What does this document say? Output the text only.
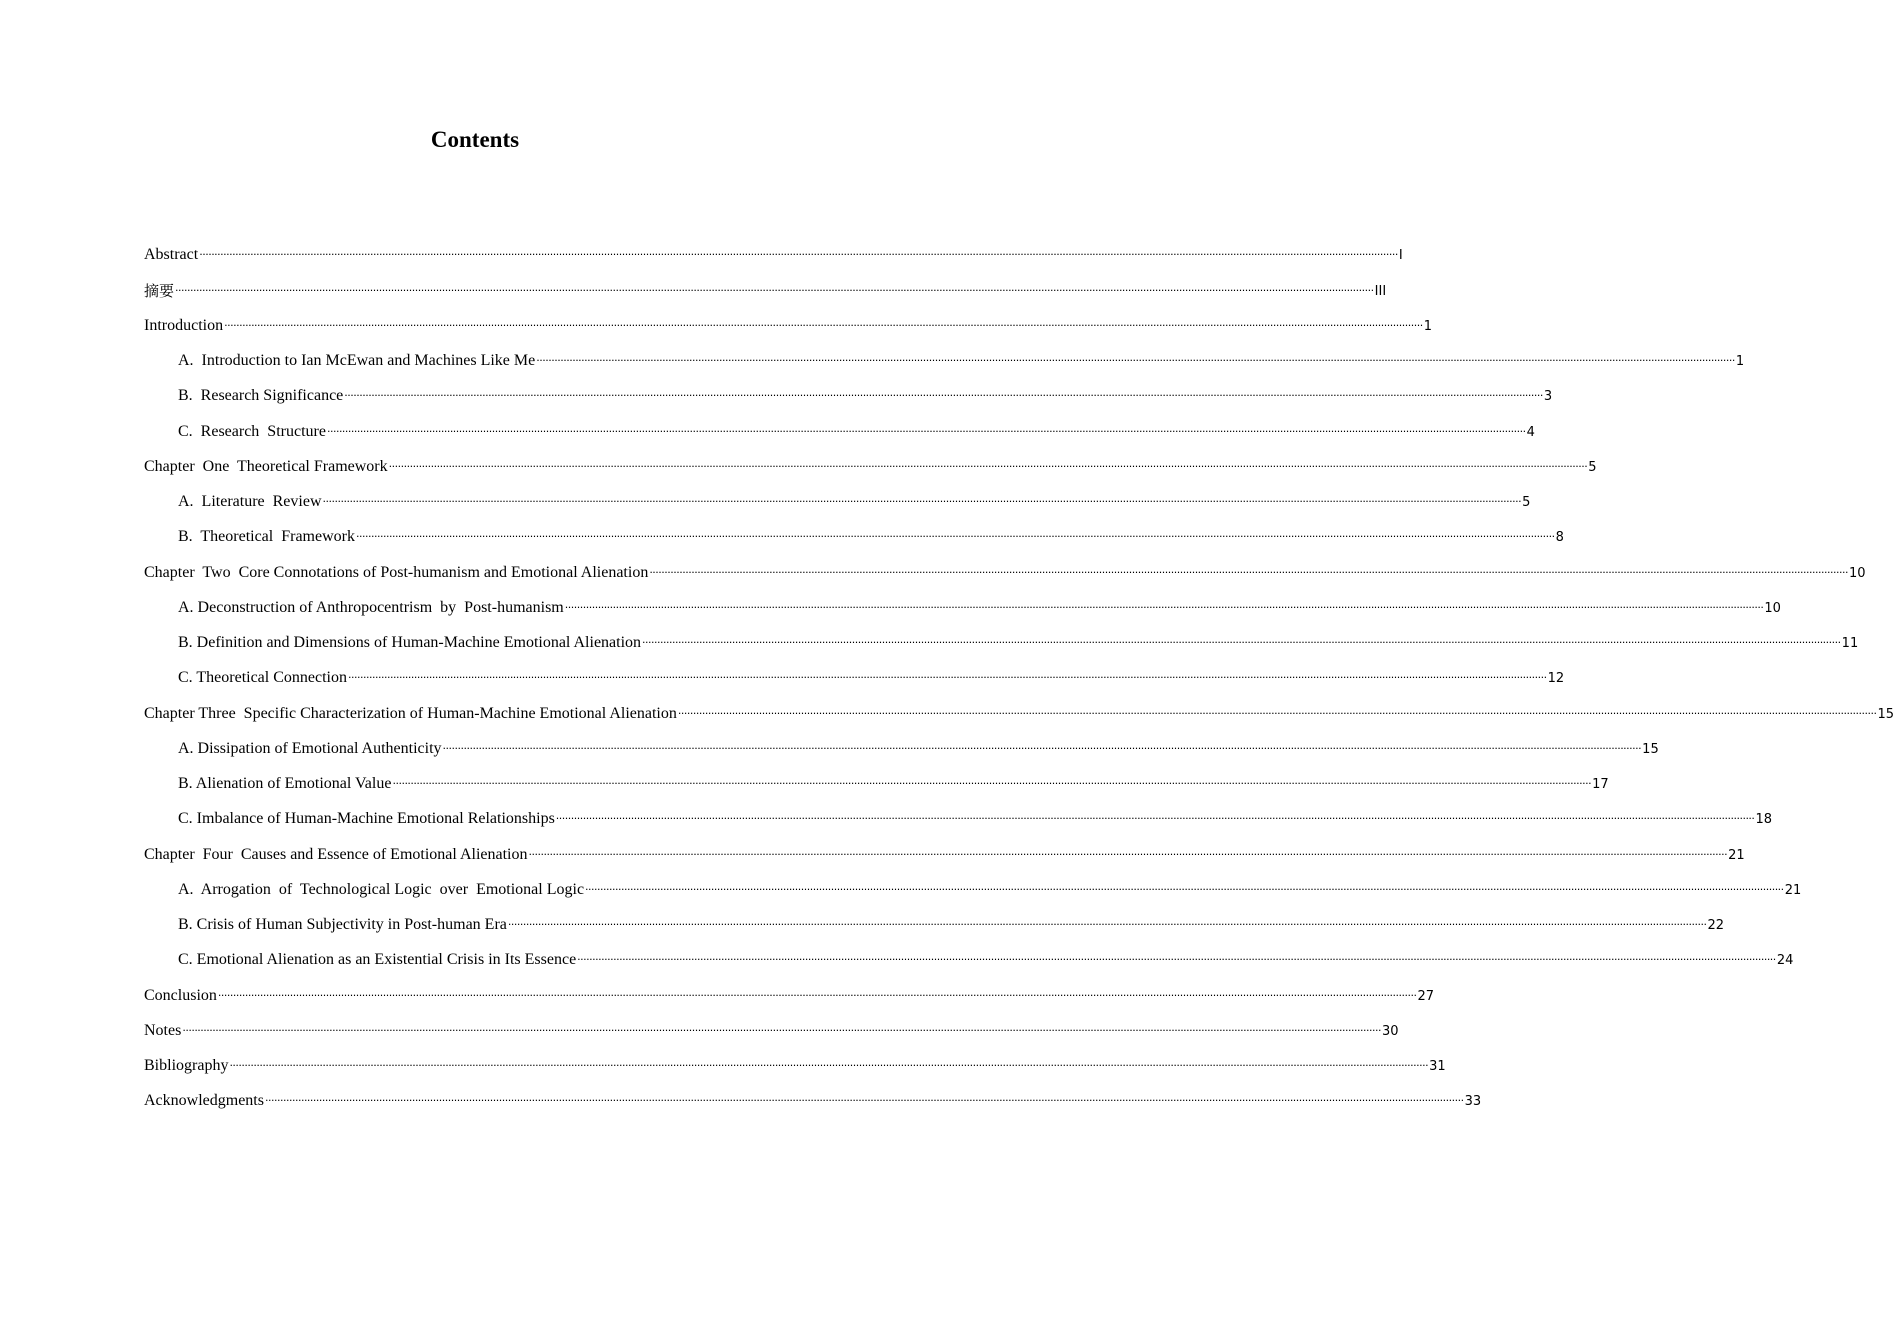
Contents
Abstract ················································································································································································································································································································································································································ I
摘要 ················································································································································································································································································································································································································ III
Introduction ················································································································································································································································································································································································································ 1
A.  Introduction to Ian McEwan and Machines Like Me ················································································································································································································································································································································································································ 1
B.  Research Significance ················································································································································································································································································································································································································ 3
C.  Research  Structure ················································································································································································································································································································································································································ 4
Chapter  One  Theoretical Framework ················································································································································································································································································································································································································ 5
A.  Literature  Review ················································································································································································································································································································································································································ 5
B.  Theoretical  Framework ················································································································································································································································································································································································································ 8
Chapter  Two  Core Connotations of Post-humanism and Emotional Alienation ················································································································································································································································································································································································································ 10
A. Deconstruction of Anthropocentrism  by  Post-humanism ················································································································································································································································································································································································································ 10
B. Definition and Dimensions of Human-Machine Emotional Alienation ················································································································································································································································································································································································································ 11
C. Theoretical Connection ················································································································································································································································································································································································································ 12
Chapter Three  Specific Characterization of Human-Machine Emotional Alienation ················································································································································································································································································································································································································ 15
A. Dissipation of Emotional Authenticity ················································································································································································································································································································································································································ 15
B. Alienation of Emotional Value ················································································································································································································································································································································································································ 17
C. Imbalance of Human-Machine Emotional Relationships ················································································································································································································································································································································································································ 18
Chapter  Four  Causes and Essence of Emotional Alienation ················································································································································································································································································································································································································ 21
A.  Arrogation  of  Technological Logic  over  Emotional Logic ················································································································································································································································································································································································································ 21
B. Crisis of Human Subjectivity in Post-human Era ················································································································································································································································································································································································································ 22
C. Emotional Alienation as an Existential Crisis in Its Essence ················································································································································································································································································································································································································ 24
Conclusion ················································································································································································································································································································································································································ 27
Notes ················································································································································································································································································································································································································ 30
Bibliography ················································································································································································································································································································································································································ 31
Acknowledgments ················································································································································································································································································································································································································ 33
